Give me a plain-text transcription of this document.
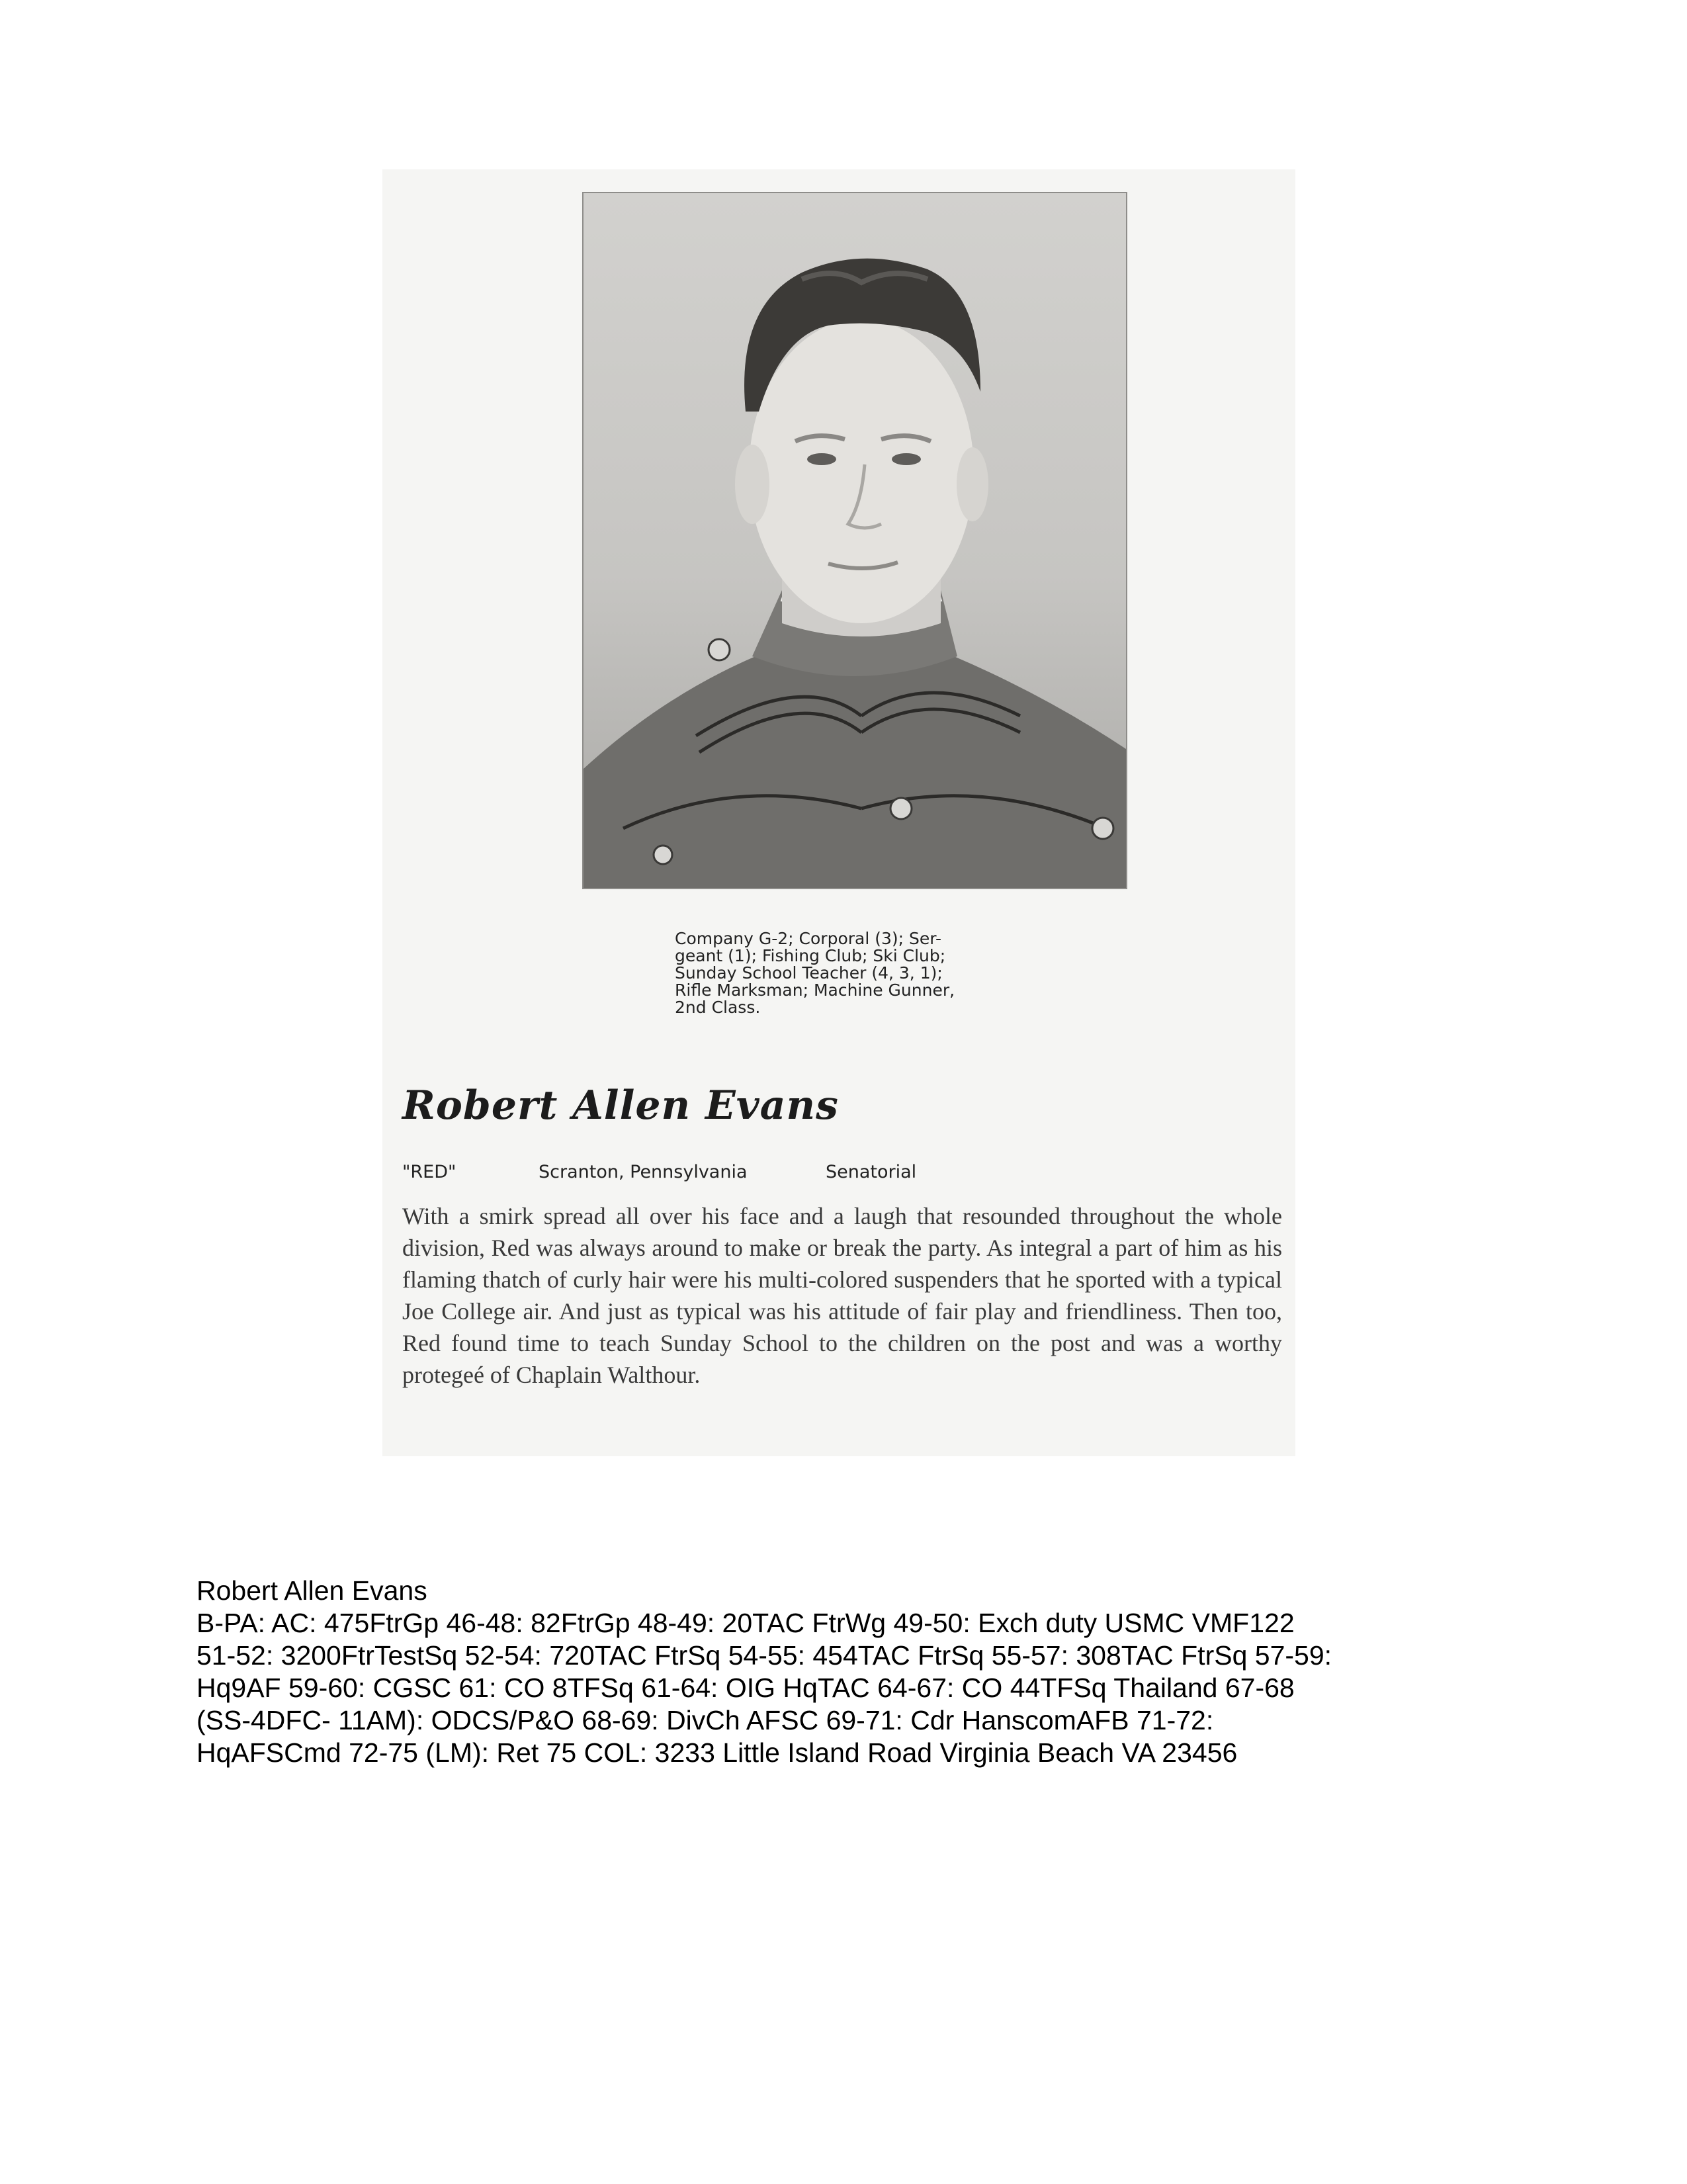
Company G-2; Corporal (3); Ser-
geant (1); Fishing Club; Ski Club;
Sunday School Teacher (4, 3, 1);
Rifle Marksman; Machine Gunner,
2nd Class.
Robert Allen Evans
"RED"	Scranton, Pennsylvania	Senatorial
With a smirk spread all over his face and a laugh that resounded throughout the whole division, Red was always around to make or break the party. As integral a part of him as his flaming thatch of curly hair were his multi-colored suspenders that he sported with a typical Joe College air. And just as typical was his attitude of fair play and friendliness. Then too, Red found time to teach Sunday School to the children on the post and was a worthy protegeé of Chaplain Walthour.
Robert Allen Evans
B-PA: AC: 475FtrGp 46-48: 82FtrGp 48-49: 20TAC FtrWg 49-50: Exch duty USMC VMF122
51-52: 3200FtrTestSq 52-54: 720TAC FtrSq 54-55: 454TAC FtrSq 55-57: 308TAC FtrSq 57-59:
Hq9AF 59-60: CGSC 61: CO 8TFSq 61-64: OIG HqTAC 64-67: CO 44TFSq Thailand 67-68
(SS-4DFC- 11AM): ODCS/P&O 68-69: DivCh AFSC 69-71: Cdr HanscomAFB 71-72:
HqAFSCmd 72-75 (LM): Ret 75 COL: 3233 Little Island Road Virginia Beach VA 23456
